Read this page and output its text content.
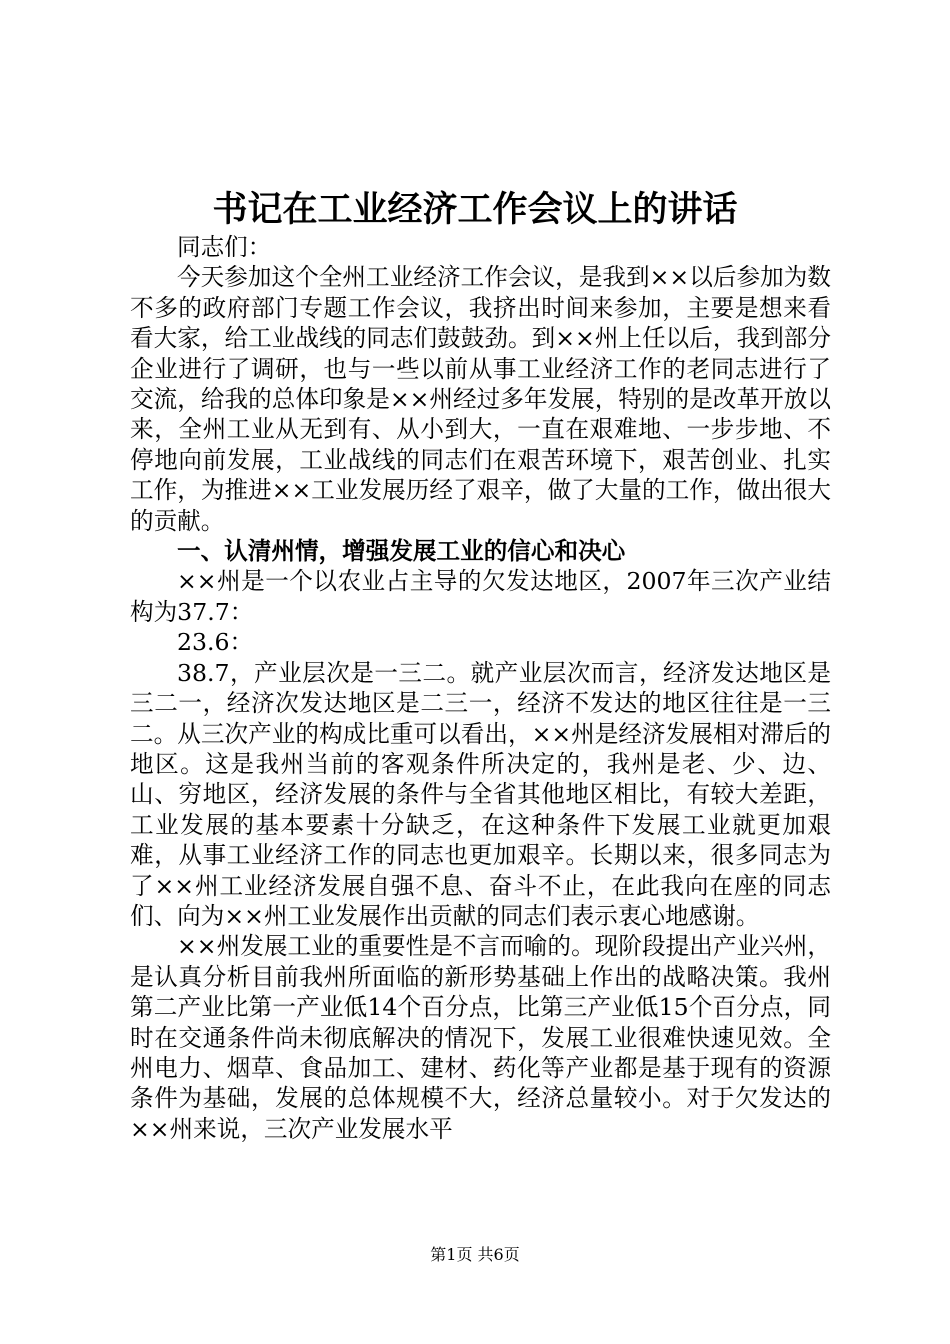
书记在工业经济工作会议上的讲话

同志们：

今天参加这个全州工业经济工作会议，是我到××以后参加为数不多的政府部门专题工作会议，我挤出时间来参加，主要是想来看看大家，给工业战线的同志们鼓鼓劲。到××州上任以后，我到部分企业进行了调研，也与一些以前从事工业经济工作的老同志进行了交流，给我的总体印象是××州经过多年发展，特别的是改革开放以来，全州工业从无到有、从小到大，一直在艰难地、一步步地、不停地向前发展，工业战线的同志们在艰苦环境下，艰苦创业、扎实工作，为推进××工业发展历经了艰辛，做了大量的工作，做出很大的贡献。

一、认清州情，增强发展工业的信心和决心

××州是一个以农业占主导的欠发达地区，2007年三次产业结构为37.7：

23.6：

38.7，产业层次是一三二。就产业层次而言，经济发达地区是三二一，经济次发达地区是二三一，经济不发达的地区往往是一三二。从三次产业的构成比重可以看出，××州是经济发展相对滞后的地区。这是我州当前的客观条件所决定的，我州是老、少、边、山、穷地区，经济发展的条件与全省其他地区相比，有较大差距，工业发展的基本要素十分缺乏，在这种条件下发展工业就更加艰难，从事工业经济工作的同志也更加艰辛。长期以来，很多同志为了××州工业经济发展自强不息、奋斗不止，在此我向在座的同志们、向为××州工业发展作出贡献的同志们表示衷心地感谢。

××州发展工业的重要性是不言而喻的。现阶段提出产业兴州，是认真分析目前我州所面临的新形势基础上作出的战略决策。我州第二产业比第一产业低14个百分点，比第三产业低15个百分点，同时在交通条件尚未彻底解决的情况下，发展工业很难快速见效。全州电力、烟草、食品加工、建材、药化等产业都是基于现有的资源条件为基础，发展的总体规模不大，经济总量较小。对于欠发达的××州来说，三次产业发展水平

第1页 共6页
